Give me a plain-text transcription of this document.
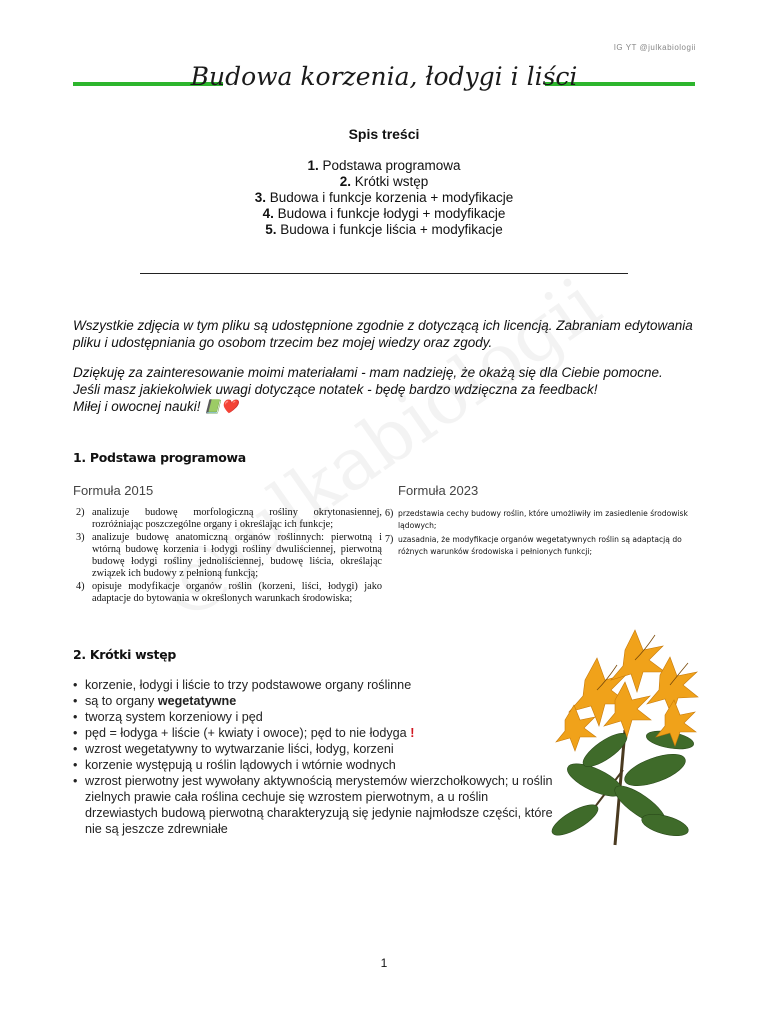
IG YT @julkabiologii
Budowa korzenia, łodygi i liści
Spis treści
1. Podstawa programowa
2. Krótki wstęp
3. Budowa i funkcje korzenia + modyfikacje
4. Budowa i funkcje łodygi + modyfikacje
5. Budowa i funkcje liścia + modyfikacje
Wszystkie zdjęcia w tym pliku są udostępnione zgodnie z dotyczącą ich licencją. Zabraniam edytowania pliku i udostępniania go osobom trzecim bez mojej wiedzy oraz zgody.
Dziękuję za zainteresowanie moimi materiałami - mam nadzieję, że okażą się dla Ciebie pomocne.
Jeśli masz jakiekolwiek uwagi dotyczące notatek - będę bardzo wdzięczna za feedback!
Miłej i owocnej nauki! 📗❤️
1. Podstawa programowa
Formuła 2015	Formuła 2023
2) analizuje budowę morfologiczną rośliny okrytonasiennej, rozróżniając poszczególne organy i określając ich funkcje;
3) analizuje budowę anatomiczną organów roślinnych: pierwotną i wtórną budowę korzenia i łodygi rośliny dwuliściennej, pierwotną budowę łodygi rośliny jednoliściennej, budowę liścia, określając związek ich budowy z pełnioną funkcją;
4) opisuje modyfikacje organów roślin (korzeni, liści, łodygi) jako adaptacje do bytowania w określonych warunkach środowiska;
6) przedstawia cechy budowy roślin, które umożliwiły im zasiedlenie środowisk lądowych;
7) uzasadnia, że modyfikacje organów wegetatywnych roślin są adaptacją do różnych warunków środowiska i pełnionych funkcji;
2. Krótki wstęp
• korzenie, łodygi i liście to trzy podstawowe organy roślinne
• są to organy wegetatywne
• tworzą system korzeniowy i pęd
• pęd = łodyga + liście (+ kwiaty i owoce); pęd to nie łodyga !
• wzrost wegetatywny to wytwarzanie liści, łodyg, korzeni
• korzenie występują u roślin lądowych i wtórnie wodnych
• wzrost pierwotny jest wywołany aktywnością merystemów wierzchołkowych; u roślin zielnych prawie cała roślina cechuje się wzrostem pierwotnym, a u roślin drzewiastych budową pierwotną charakteryzują się jedynie najmłodsze części, które nie są jeszcze zdrewniałe
1
